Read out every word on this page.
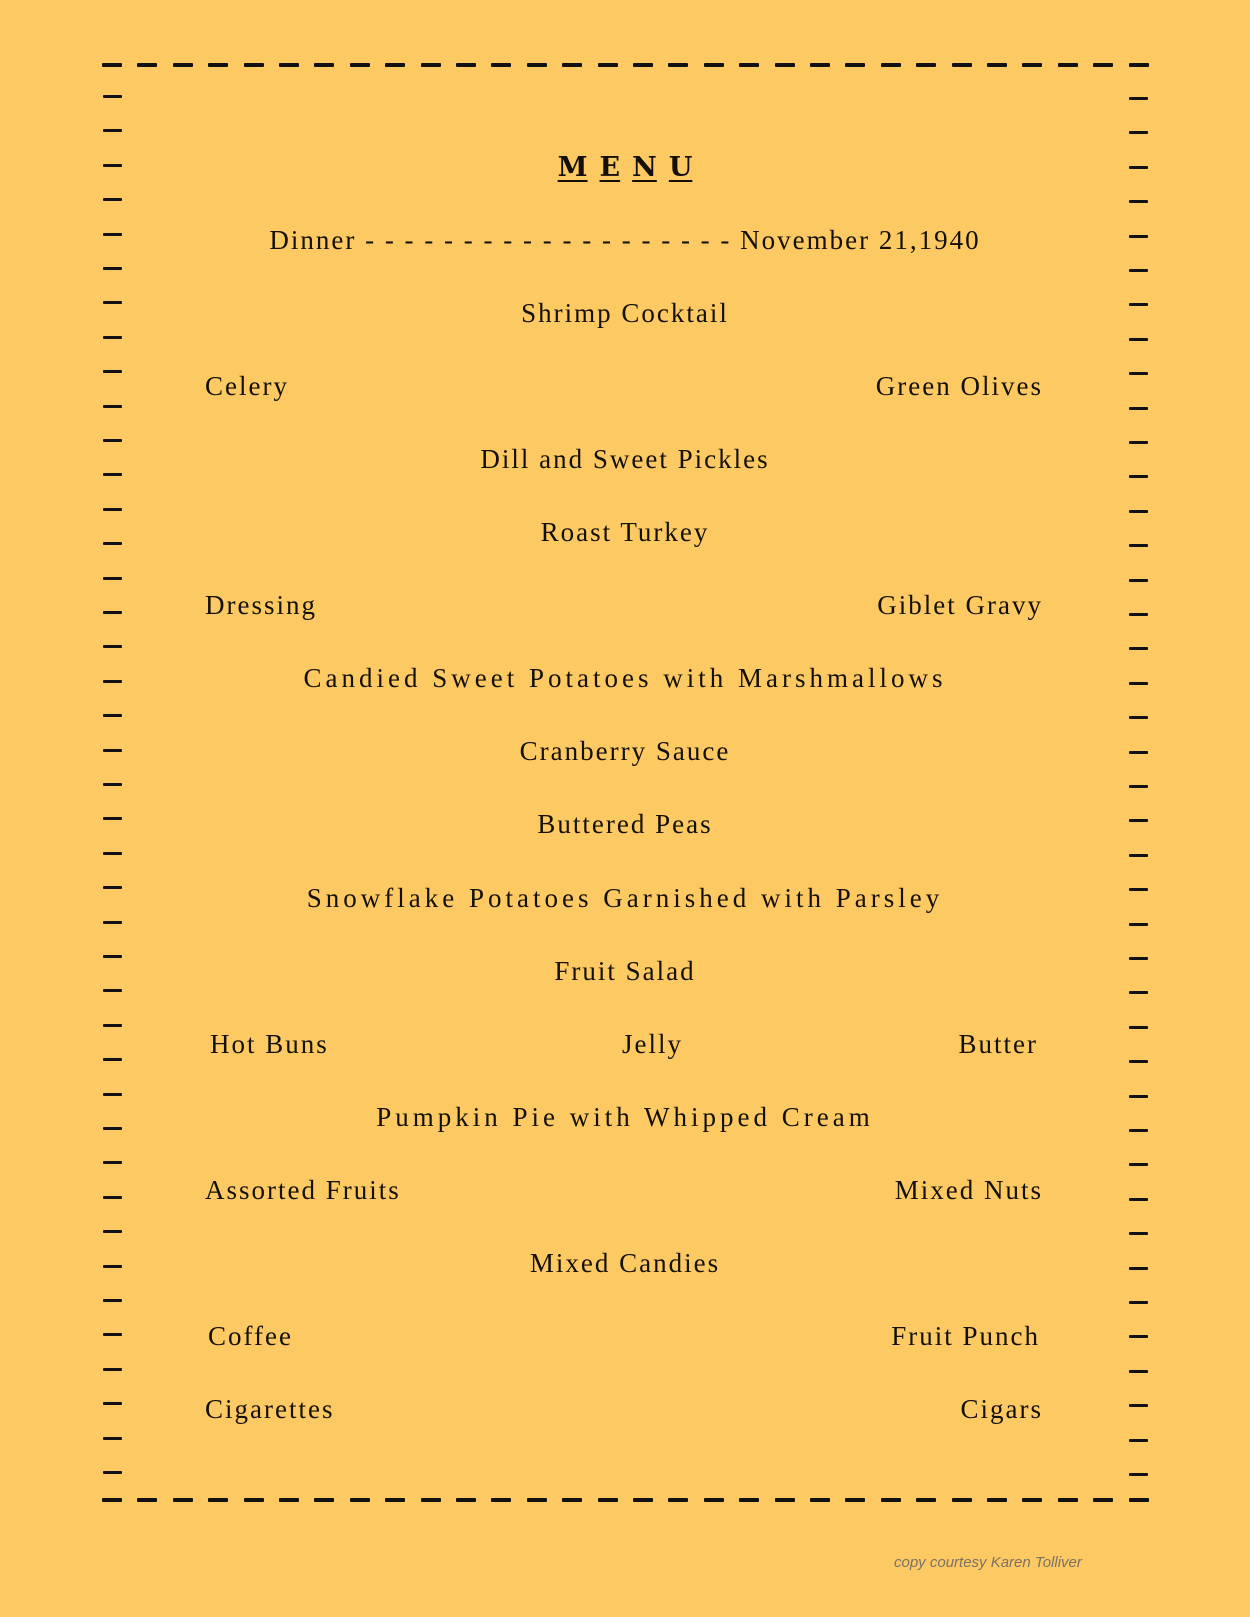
M E N U
Dinner - - - - - - - - - - - - - - - - - - - November 21,1940
Shrimp Cocktail
Celery	Green Olives
Dill and Sweet Pickles
Roast Turkey
Dressing	Giblet Gravy
Candied Sweet Potatoes with Marshmallows
Cranberry Sauce
Buttered Peas
Snowflake Potatoes Garnished with Parsley
Fruit Salad
Hot Buns	Jelly	Butter
Pumpkin Pie with Whipped Cream
Assorted Fruits	Mixed Nuts
Mixed Candies
Coffee	Fruit Punch
Cigarettes	Cigars
copy courtesy Karen Tolliver
